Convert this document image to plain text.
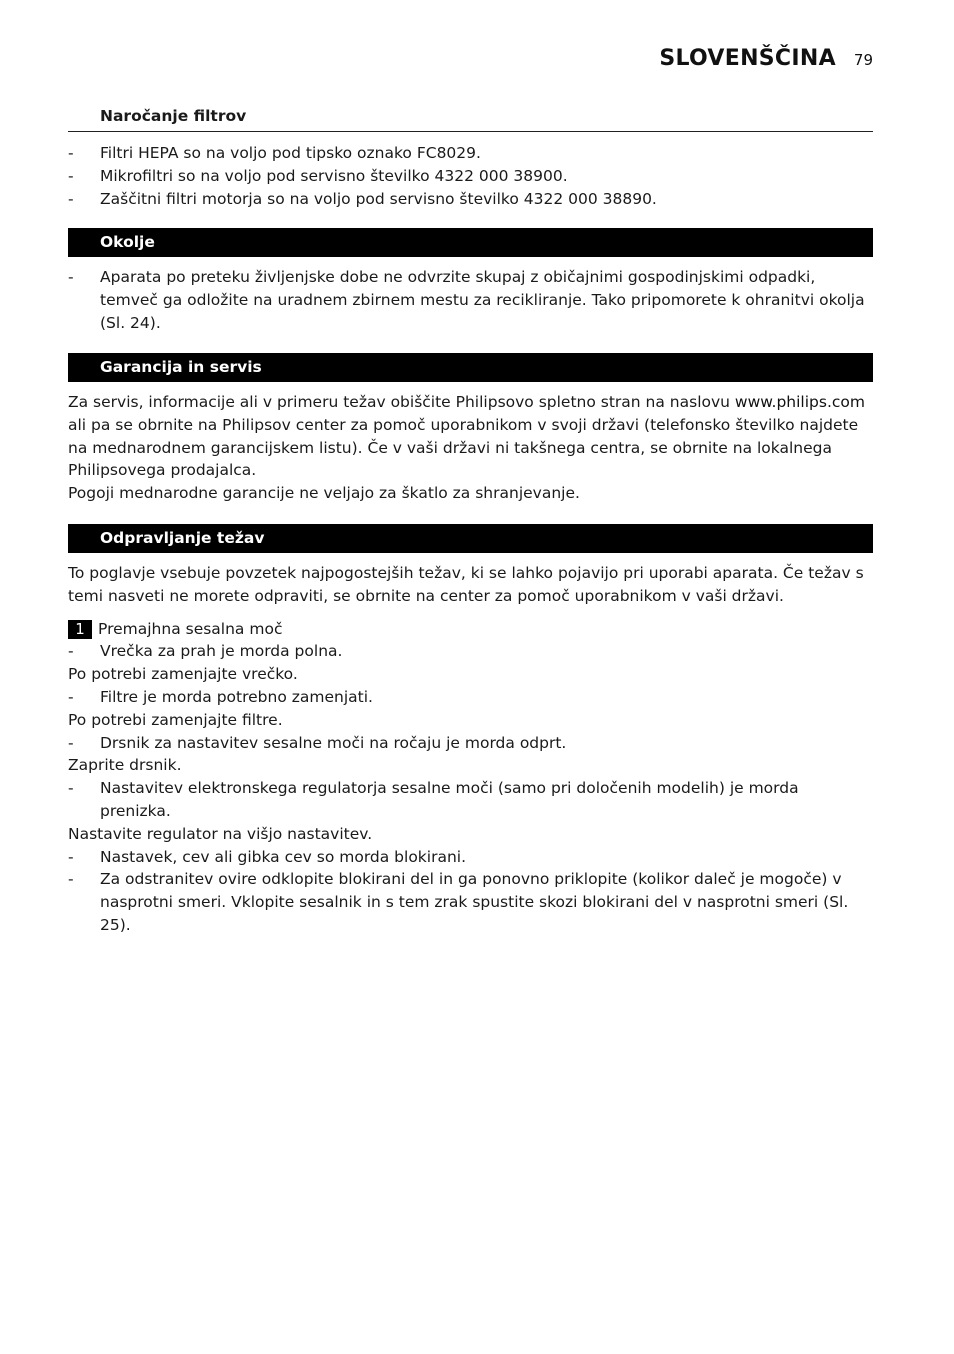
SLOVENŠČINA 79
Naročanje filtrov
- Filtri HEPA so na voljo pod tipsko oznako FC8029.
- Mikrofiltri so na voljo pod servisno številko 4322 000 38900.
- Zaščitni filtri motorja so na voljo pod servisno številko 4322 000 38890.
Okolje
- Aparata po preteku življenjske dobe ne odvrzite skupaj z običajnimi gospodinjskimi odpadki, temveč ga odložite na uradnem zbirnem mestu za recikliranje. Tako pripomorete k ohranitvi okolja (Sl. 24).
Garancija in servis

Za servis, informacije ali v primeru težav obiščite Philipsovo spletno stran na naslovu www.philips.com ali pa se obrnite na Philipsov center za pomoč uporabnikom v svoji državi (telefonsko številko najdete na mednarodnem garancijskem listu). Če v vaši državi ni takšnega centra, se obrnite na lokalnega Philipsovega prodajalca.

Pogoji mednarodne garancije ne veljajo za škatlo za shranjevanje.

Odpravljanje težav

To poglavje vsebuje povzetek najpogostejših težav, ki se lahko pojavijo pri uporabi aparata. Če težav s temi nasveti ne morete odpraviti, se obrnite na center za pomoč uporabnikom v vaši državi.

1 Premajhna sesalna moč
- Vrečka za prah je morda polna.

Po potrebi zamenjajte vrečko.

- Filtre je morda potrebno zamenjati.

Po potrebi zamenjajte filtre.

- Drsnik za nastavitev sesalne moči na ročaju je morda odprt.

Zaprite drsnik.

- Nastavitev elektronskega regulatorja sesalne moči (samo pri določenih modelih) je morda prenizka.

Nastavite regulator na višjo nastavitev.

- Nastavek, cev ali gibka cev so morda blokirani.
- Za odstranitev ovire odklopite blokirani del in ga ponovno priklopite (kolikor daleč je mogoče) v nasprotni smeri. Vklopite sesalnik in s tem zrak spustite skozi blokirani del v nasprotni smeri (Sl. 25).
